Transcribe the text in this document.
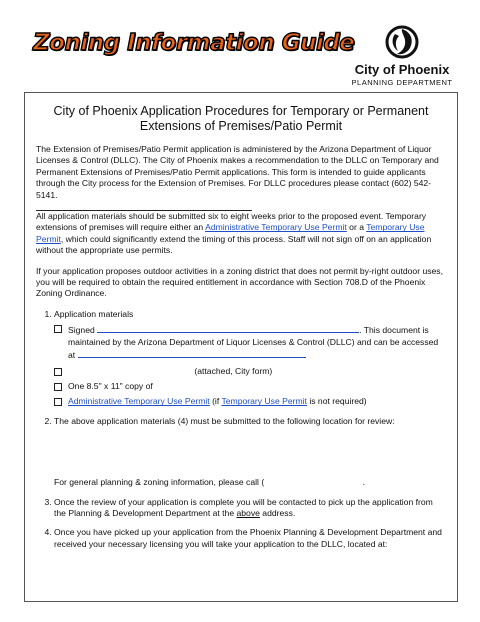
Zoning Information Guide
City of Phoenix
PLANNING DEPARTMENT
City of Phoenix Application Procedures for Temporary or Permanent Extensions of Premises/Patio Permit

The Extension of Premises/Patio Permit application is administered by the Arizona Department of Liquor Licenses & Control (DLLC). The City of Phoenix makes a recommendation to the DLLC on Temporary and Permanent Extensions of Premises/Patio Permit applications. This form is intended to guide applicants through the City process for the Extension of Premises. For DLLC procedures please contact (602) 542-5141.

All application materials should be submitted six to eight weeks prior to the proposed event. Temporary extensions of premises will require either an Administrative Temporary Use Permit or a Temporary Use Permit, which could significantly extend the timing of this process. Staff will not sign off on an application without the appropriate use permits.

If your application proposes outdoor activities in a zoning district that does not permit by-right outdoor uses, you will be required to obtain the required entitlement in accordance with Section 708.D of the Phoenix Zoning Ordinance.

1. Application materials
Signed	. This document is maintained by the Arizona Department of Liquor Licenses & Control (DLLC) and can be accessed at
(attached, City form)
One 8.5" x 11" copy of
Administrative Temporary Use Permit (if Temporary Use Permit is not required)
2. The above application materials (4) must be submitted to the following location for review:
For general planning & zoning information, please call (	.
3. Once the review of your application is complete you will be contacted to pick up the application from the Planning & Development Department at the above address.
4. Once you have picked up your application from the Phoenix Planning & Development Department and received your necessary licensing you will take your application to the DLLC, located at:
